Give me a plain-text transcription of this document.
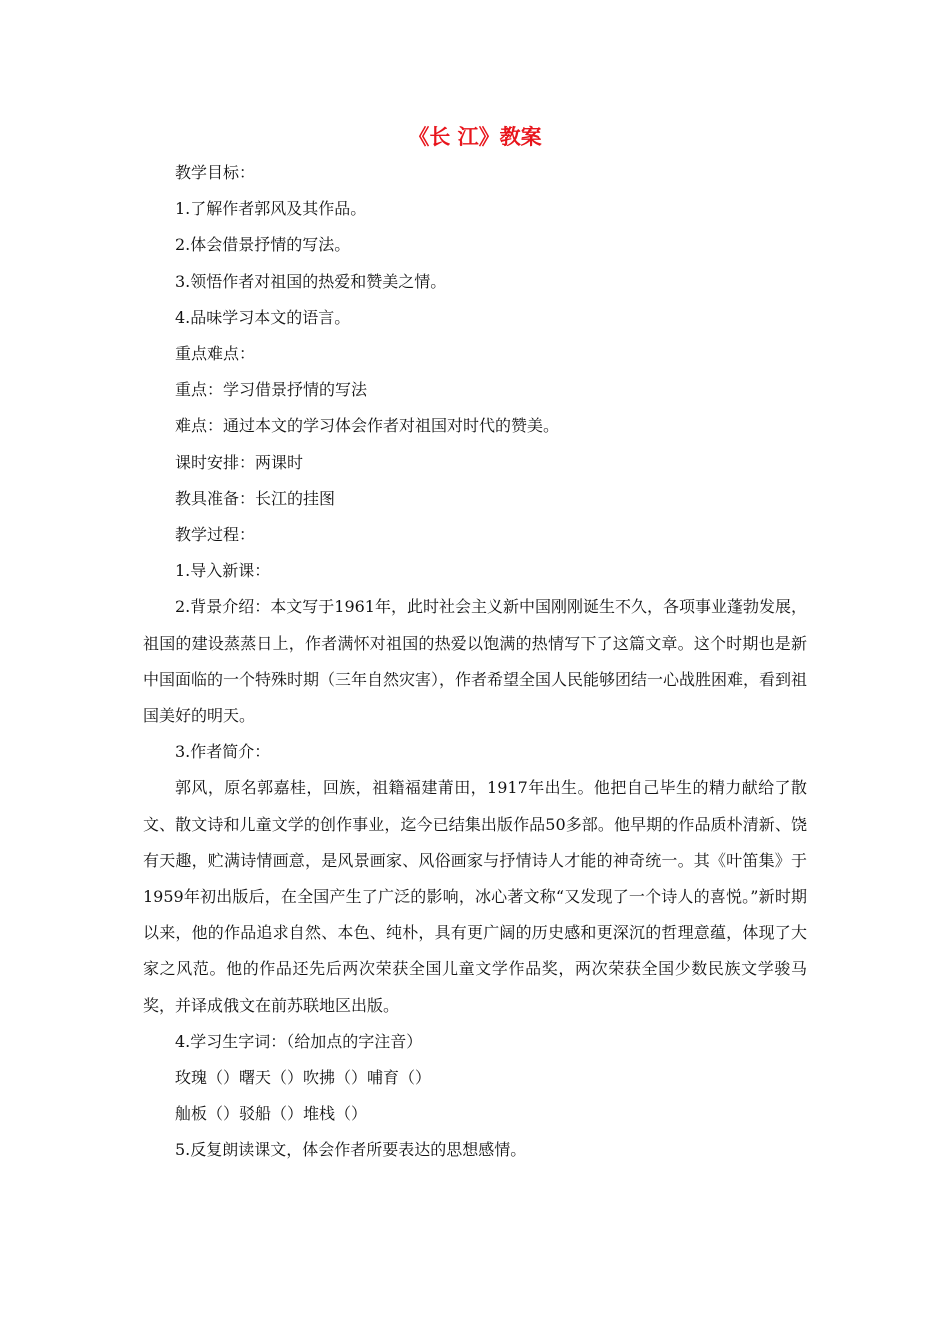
《长 江》教案

教学目标：

1.了解作者郭风及其作品。

2.体会借景抒情的写法。

3.领悟作者对祖国的热爱和赞美之情。

4.品味学习本文的语言。

重点难点：

重点：学习借景抒情的写法

难点：通过本文的学习体会作者对祖国对时代的赞美。

课时安排：两课时

教具准备：长江的挂图

教学过程：

1.导入新课：

2.背景介绍：本文写于1961年，此时社会主义新中国刚刚诞生不久，各项事业蓬勃发展，祖国的建设蒸蒸日上，作者满怀对祖国的热爱以饱满的热情写下了这篇文章。这个时期也是新中国面临的一个特殊时期（三年自然灾害），作者希望全国人民能够团结一心战胜困难，看到祖国美好的明天。

3.作者简介：

郭风，原名郭嘉桂，回族，祖籍福建莆田，1917年出生。他把自己毕生的精力献给了散文、散文诗和儿童文学的创作事业，迄今已结集出版作品50多部。他早期的作品质朴清新、饶有天趣，贮满诗情画意，是风景画家、风俗画家与抒情诗人才能的神奇统一。其《叶笛集》于1959年初出版后，在全国产生了广泛的影响，冰心著文称“又发现了一个诗人的喜悦。”新时期以来，他的作品追求自然、本色、纯朴，具有更广阔的历史感和更深沉的哲理意蕴，体现了大家之风范。他的作品还先后两次荣获全国儿童文学作品奖，两次荣获全国少数民族文学骏马奖，并译成俄文在前苏联地区出版。

4.学习生字词：（给加点的字注音）

玫瑰（）曙天（）吹拂（）哺育（）

舢板（）驳船（）堆栈（）

5.反复朗读课文，体会作者所要表达的思想感情。
